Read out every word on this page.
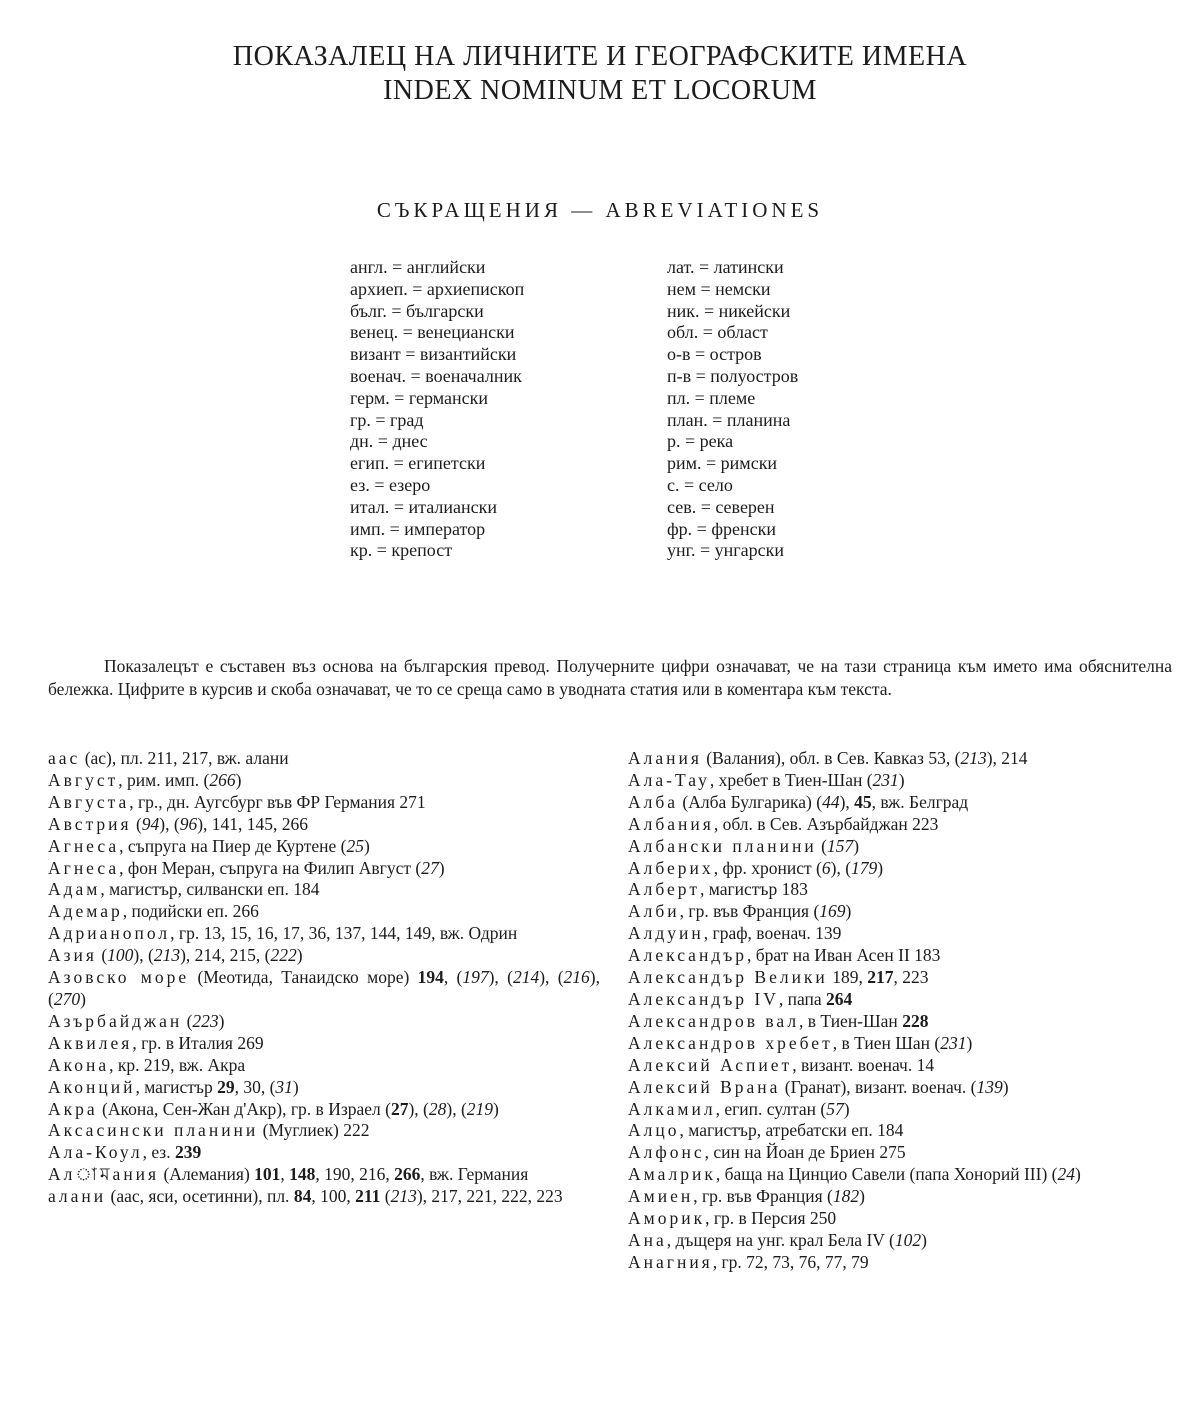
ПОКАЗАЛЕЦ НА ЛИЧНИТЕ И ГЕОГРАФСКИТЕ ИМЕНА
INDEX NOMINUM ET LOCORUM
СЪКРАЩЕНИЯ — ABREVIATIONES
англ. = английски
архиеп. = архиепископ
бълг. = български
венец. = венециански
визант = византийски
военач. = военачалник
герм. = германски
гр. = град
дн. = днес
егип. = египетски
ез. = езеро
итал. = италиански
имп. = император
кр. = крепост
лат. = латински
нем = немски
ник. = никейски
обл. = област
о-в = остров
п-в = полуостров
пл. = племе
план. = планина
р. = река
рим. = римски
с. = село
сев. = северен
фр. = френски
унг. = унгарски

Показалецът е съставен въз основа на българския превод. Получерните цифри означават, че на тази страница към името има обяснителна бележка. Цифрите в курсив и скоба означават, че то се среща само в уводната статия или в коментара към текста.

аас (ас), пл. 211, 217, вж. алани
Август, рим. имп. (266)
Августа, гр., дн. Аугсбург във ФР Германия 271
Австрия (94), (96), 141, 145, 266
Агнеса, съпруга на Пиер де Куртене (25)
Агнеса, фон Меран, съпруга на Филип Август (27)
Адам, магистър, силвански еп. 184
Адемар, подийски еп. 266
Адрианопол, гр. 13, 15, 16, 17, 36, 137, 144, 149, вж. Одрин
Азия (100), (213), 214, 215, (222)
Азовско море (Меотида, Танаидско море) 194, (197), (214), (216), (270)
Азърбайджан (223)
Аквилея, гр. в Италия 269
Акона, кр. 219, вж. Акра
Аконций, магистър 29, 30, (31)
Акра (Акона, Сен-Жан д'Акр), гр. в Израел (27), (28), (219)
Аксасински планини (Муглиек) 222
Ала-Коул, ез. 239
Алামания (Алемания) 101, 148, 190, 216, 266, вж. Германия
алани (аас, яси, осетинни), пл. 84, 100, 211 (213), 217, 221, 222, 223
Алания (Валания), обл. в Сев. Кавказ 53, (213), 214
Ала-Тау, хребет в Тиен-Шан (231)
Алба (Алба Булгарика) (44), 45, вж. Белград
Албания, обл. в Сев. Азърбайджан 223
Албански планини (157)
Алберих, фр. хронист (6), (179)
Алберт, магистър 183
Алби, гр. във Франция (169)
Алдуин, граф, военач. 139
Александър, брат на Иван Асен II 183
Александър Велики 189, 217, 223
Александър IV, папа 264
Александров вал, в Тиен-Шан 228
Александров хребет, в Тиен Шан (231)
Алексий Аспиет, визант. военач. 14
Алексий Врана (Гранат), визант. военач. (139)
Алкамил, егип. султан (57)
Алцо, магистър, атребатски еп. 184
Алфонс, син на Йоан де Бриен 275
Амалрик, баща на Цинцио Савели (папа Хонорий III) (24)
Амиен, гр. във Франция (182)
Аморик, гр. в Персия 250
Ана, дъщеря на унг. крал Бела IV (102)
Анагния, гр. 72, 73, 76, 77, 79
